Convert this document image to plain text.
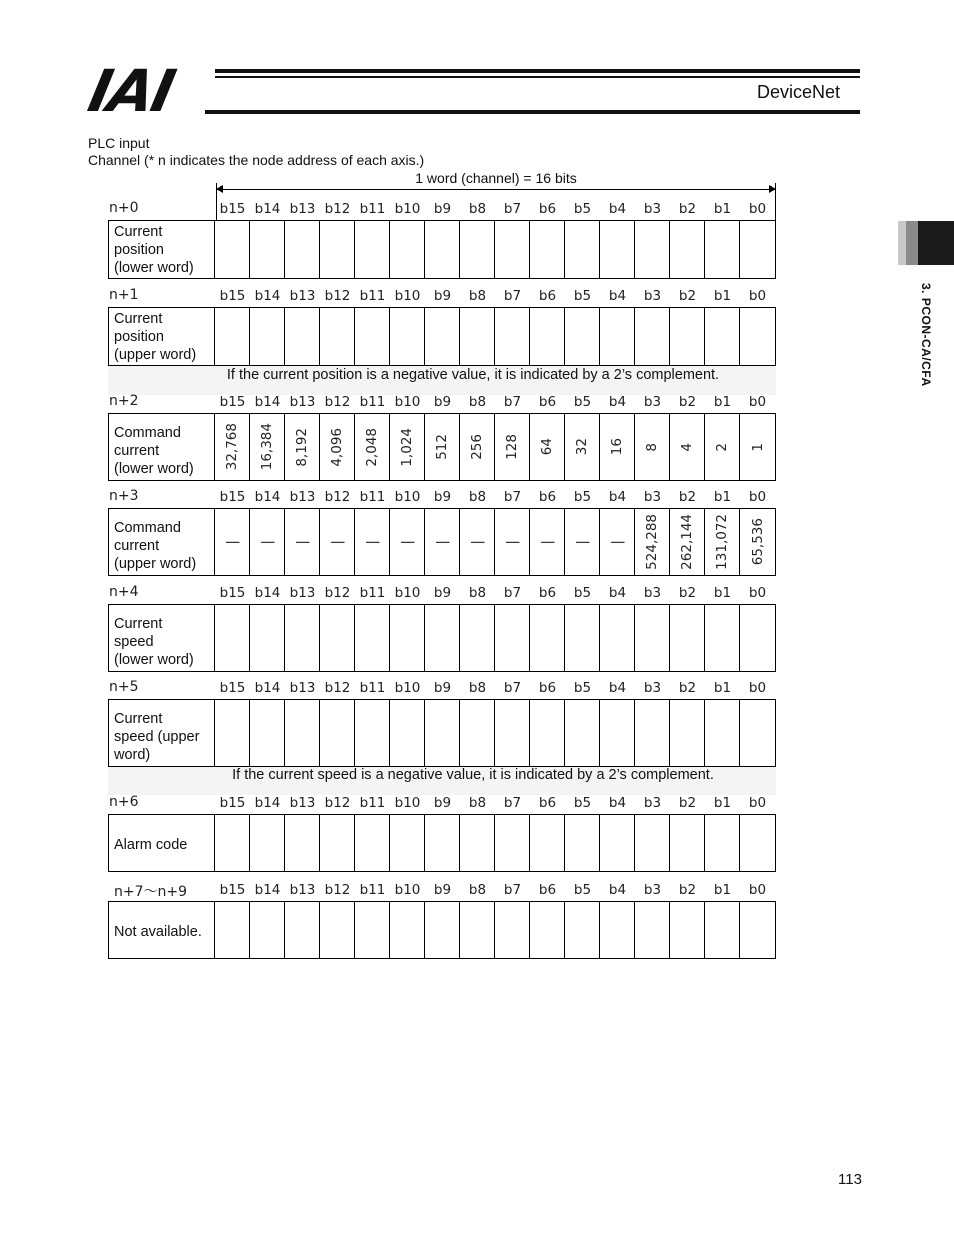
IAI	DeviceNet
3. PCON-CA/CFA
PLC input
Channel (* n indicates the node address of each axis.)
1 word (channel) = 16 bits
n+0	b15 b14 b13 b12 b11 b10	b9	b8	b7	b6	b5	b4	b3	b2	b1	b0
Current
position
(lower word)
n+1	b15 b14 b13 b12 b11 b10	b9	b8	b7	b6	b5	b4	b3	b2	b1	b0
Current
position
(upper word)
If the current position is a negative value, it is indicated by a 2’s complement.
n+2	b15 b14 b13 b12 b11 b10	b9	b8	b7	b6	b5	b4	b3	b2	b1	b0
Command
current
(lower word)	32,768 16,384 8,192 4,096 2,048 1,024 512 256 128 64 32 16 8 4 2 1
n+3	b15 b14 b13 b12 b11 b10	b9	b8	b7	b6	b5	b4	b3	b2	b1	b0
Command
current
(upper word)
| | | | | | | | | | | | 524,288 262,144 131,072 65,536
n+4	b15 b14 b13 b12 b11 b10	b9	b8	b7	b6	b5	b4	b3	b2	b1	b0
Current
speed
(lower word)
n+5	b15 b14 b13 b12 b11 b10	b9	b8	b7	b6	b5	b4	b3	b2	b1	b0
Current
speed (upper
word)
If the current speed is a negative value, it is indicated by a 2’s complement.
n+6	b15 b14 b13 b12 b11 b10	b9	b8	b7	b6	b5	b4	b3	b2	b1	b0
Alarm code
n+7～n+9	b15 b14 b13 b12 b11 b10	b9	b8	b7	b6	b5	b4	b3	b2	b1	b0
Not available.
113
